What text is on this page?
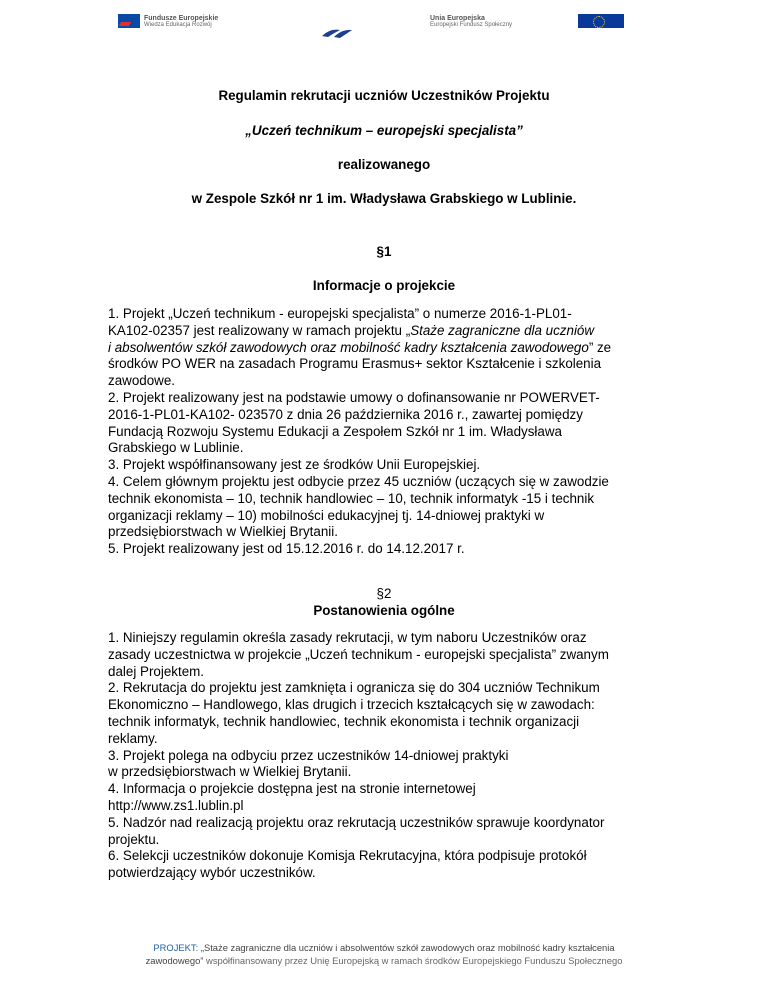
Fundusze Europejskie
Wiedza Edukacja Rozwój
Unia Europejska
Europejski Fundusz Społeczny

Regulamin rekrutacji uczniów Uczestników Projektu

„Uczeń technikum – europejski specjalista”

realizowanego

w Zespole Szkół nr 1 im. Władysława Grabskiego w Lublinie.

§1

Informacje o projekcie

1. Projekt „Uczeń technikum - europejski specjalista” o numerze 2016-1-PL01-
KA102-02357 jest realizowany w ramach projektu „Staże zagraniczne dla uczniów
i absolwentów szkół zawodowych oraz mobilność kadry kształcenia zawodowego” ze
środków PO WER na zasadach Programu Erasmus+ sektor Kształcenie i szkolenia
zawodowe.
2. Projekt realizowany jest na podstawie umowy o dofinansowanie nr POWERVET-
2016-1-PL01-KA102- 023570 z dnia 26 października 2016 r., zawartej pomiędzy
Fundacją Rozwoju Systemu Edukacji a Zespołem Szkół nr 1 im. Władysława
Grabskiego w Lublinie.
3. Projekt współfinansowany jest ze środków Unii Europejskiej.
4. Celem głównym projektu jest odbycie przez 45 uczniów (uczących się w zawodzie
technik ekonomista – 10, technik handlowiec – 10, technik informatyk -15 i technik
organizacji reklamy – 10) mobilności edukacyjnej tj. 14-dniowej praktyki w
przedsiębiorstwach w Wielkiej Brytanii.
5. Projekt realizowany jest od 15.12.2016 r. do 14.12.2017 r.

§2

Postanowienia ogólne

1. Niniejszy regulamin określa zasady rekrutacji, w tym naboru Uczestników oraz
zasady uczestnictwa w projekcie „Uczeń technikum - europejski specjalista” zwanym
dalej Projektem.
2. Rekrutacja do projektu jest zamknięta i ogranicza się do 304 uczniów Technikum
Ekonomiczno – Handlowego, klas drugich i trzecich kształcących się w zawodach:
technik informatyk, technik handlowiec, technik ekonomista i technik organizacji
reklamy.
3. Projekt polega na odbyciu przez uczestników 14-dniowej praktyki
w przedsiębiorstwach w Wielkiej Brytanii.
4. Informacja o projekcie dostępna jest na stronie internetowej
http://www.zs1.lublin.pl
5. Nadzór nad realizacją projektu oraz rekrutacją uczestników sprawuje koordynator
projektu.
6. Selekcji uczestników dokonuje Komisja Rekrutacyjna, która podpisuje protokół
potwierdzający wybór uczestników.

PROJEKT: „Staże zagraniczne dla uczniów i absolwentów szkół zawodowych oraz mobilność kadry kształcenia
zawodowego” współfinansowany przez Unię Europejską w ramach środków Europejskiego Funduszu Społecznego
